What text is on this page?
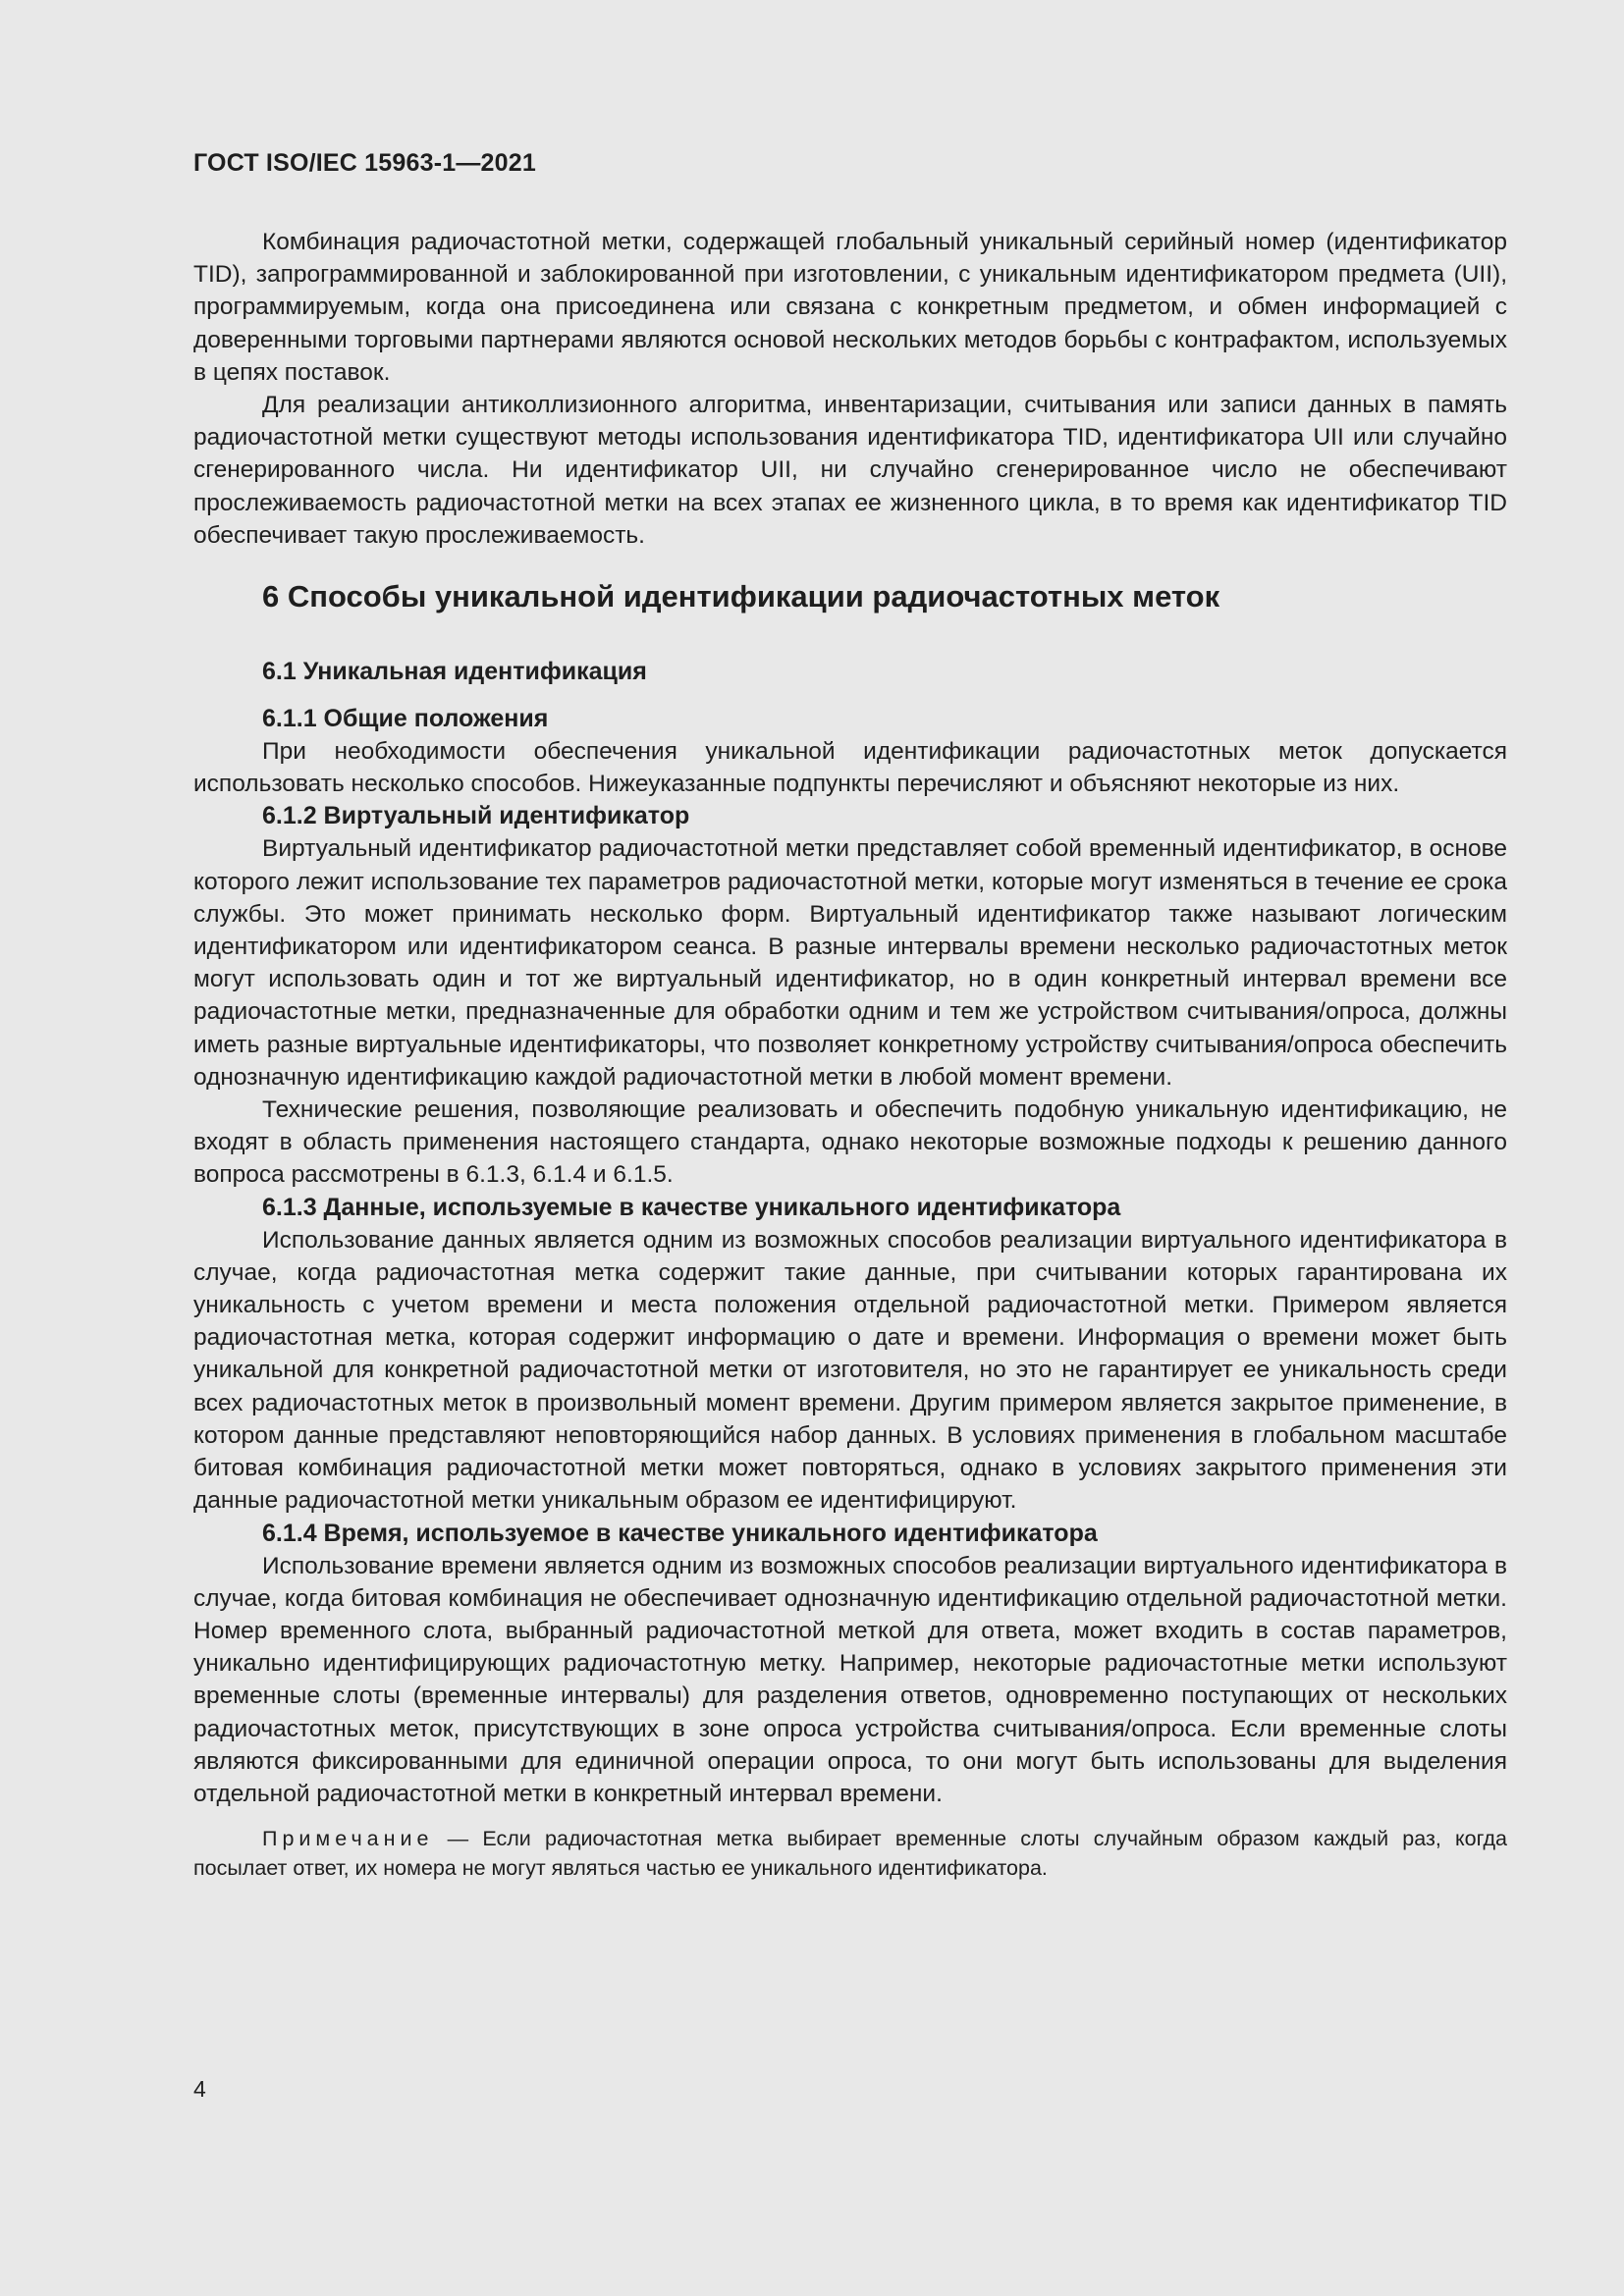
ГОСТ ISO/IEC 15963-1—2021

Комбинация радиочастотной метки, содержащей глобальный уникальный серийный номер (идентификатор TID), запрограммированной и заблокированной при изготовлении, с уникальным идентификатором предмета (UII), программируемым, когда она присоединена или связана с конкретным предметом, и обмен информацией с доверенными торговыми партнерами являются основой нескольких методов борьбы с контрафактом, используемых в цепях поставок.

Для реализации антиколлизионного алгоритма, инвентаризации, считывания или записи данных в память радиочастотной метки существуют методы использования идентификатора TID, идентификатора UII или случайно сгенерированного числа. Ни идентификатор UII, ни случайно сгенерированное число не обеспечивают прослеживаемость радиочастотной метки на всех этапах ее жизненного цикла, в то время как идентификатор TID обеспечивает такую прослеживаемость.

6 Способы уникальной идентификации радиочастотных меток
6.1 Уникальная идентификация
6.1.1 Общие положения

При необходимости обеспечения уникальной идентификации радиочастотных меток допускается использовать несколько способов. Нижеуказанные подпункты перечисляют и объясняют некоторые из них.

6.1.2 Виртуальный идентификатор

Виртуальный идентификатор радиочастотной метки представляет собой временный идентификатор, в основе которого лежит использование тех параметров радиочастотной метки, которые могут изменяться в течение ее срока службы. Это может принимать несколько форм. Виртуальный идентификатор также называют логическим идентификатором или идентификатором сеанса. В разные интервалы времени несколько радиочастотных меток могут использовать один и тот же виртуальный идентификатор, но в один конкретный интервал времени все радиочастотные метки, предназначенные для обработки одним и тем же устройством считывания/опроса, должны иметь разные виртуальные идентификаторы, что позволяет конкретному устройству считывания/опроса обеспечить однозначную идентификацию каждой радиочастотной метки в любой момент времени.

Технические решения, позволяющие реализовать и обеспечить подобную уникальную идентификацию, не входят в область применения настоящего стандарта, однако некоторые возможные подходы к решению данного вопроса рассмотрены в 6.1.3, 6.1.4 и 6.1.5.

6.1.3 Данные, используемые в качестве уникального идентификатора

Использование данных является одним из возможных способов реализации виртуального идентификатора в случае, когда радиочастотная метка содержит такие данные, при считывании которых гарантирована их уникальность с учетом времени и места положения отдельной радиочастотной метки. Примером является радиочастотная метка, которая содержит информацию о дате и времени. Информация о времени может быть уникальной для конкретной радиочастотной метки от изготовителя, но это не гарантирует ее уникальность среди всех радиочастотных меток в произвольный момент времени. Другим примером является закрытое применение, в котором данные представляют неповторяющийся набор данных. В условиях применения в глобальном масштабе битовая комбинация радиочастотной метки может повторяться, однако в условиях закрытого применения эти данные радиочастотной метки уникальным образом ее идентифицируют.

6.1.4 Время, используемое в качестве уникального идентификатора

Использование времени является одним из возможных способов реализации виртуального идентификатора в случае, когда битовая комбинация не обеспечивает однозначную идентификацию отдельной радиочастотной метки. Номер временного слота, выбранный радиочастотной меткой для ответа, может входить в состав параметров, уникально идентифицирующих радиочастотную метку. Например, некоторые радиочастотные метки используют временные слоты (временные интервалы) для разделения ответов, одновременно поступающих от нескольких радиочастотных меток, присутствующих в зоне опроса устройства считывания/опроса. Если временные слоты являются фиксированными для единичной операции опроса, то они могут быть использованы для выделения отдельной радиочастотной метки в конкретный интервал времени.

Примечание — Если радиочастотная метка выбирает временные слоты случайным образом каждый раз, когда посылает ответ, их номера не могут являться частью ее уникального идентификатора.

4
